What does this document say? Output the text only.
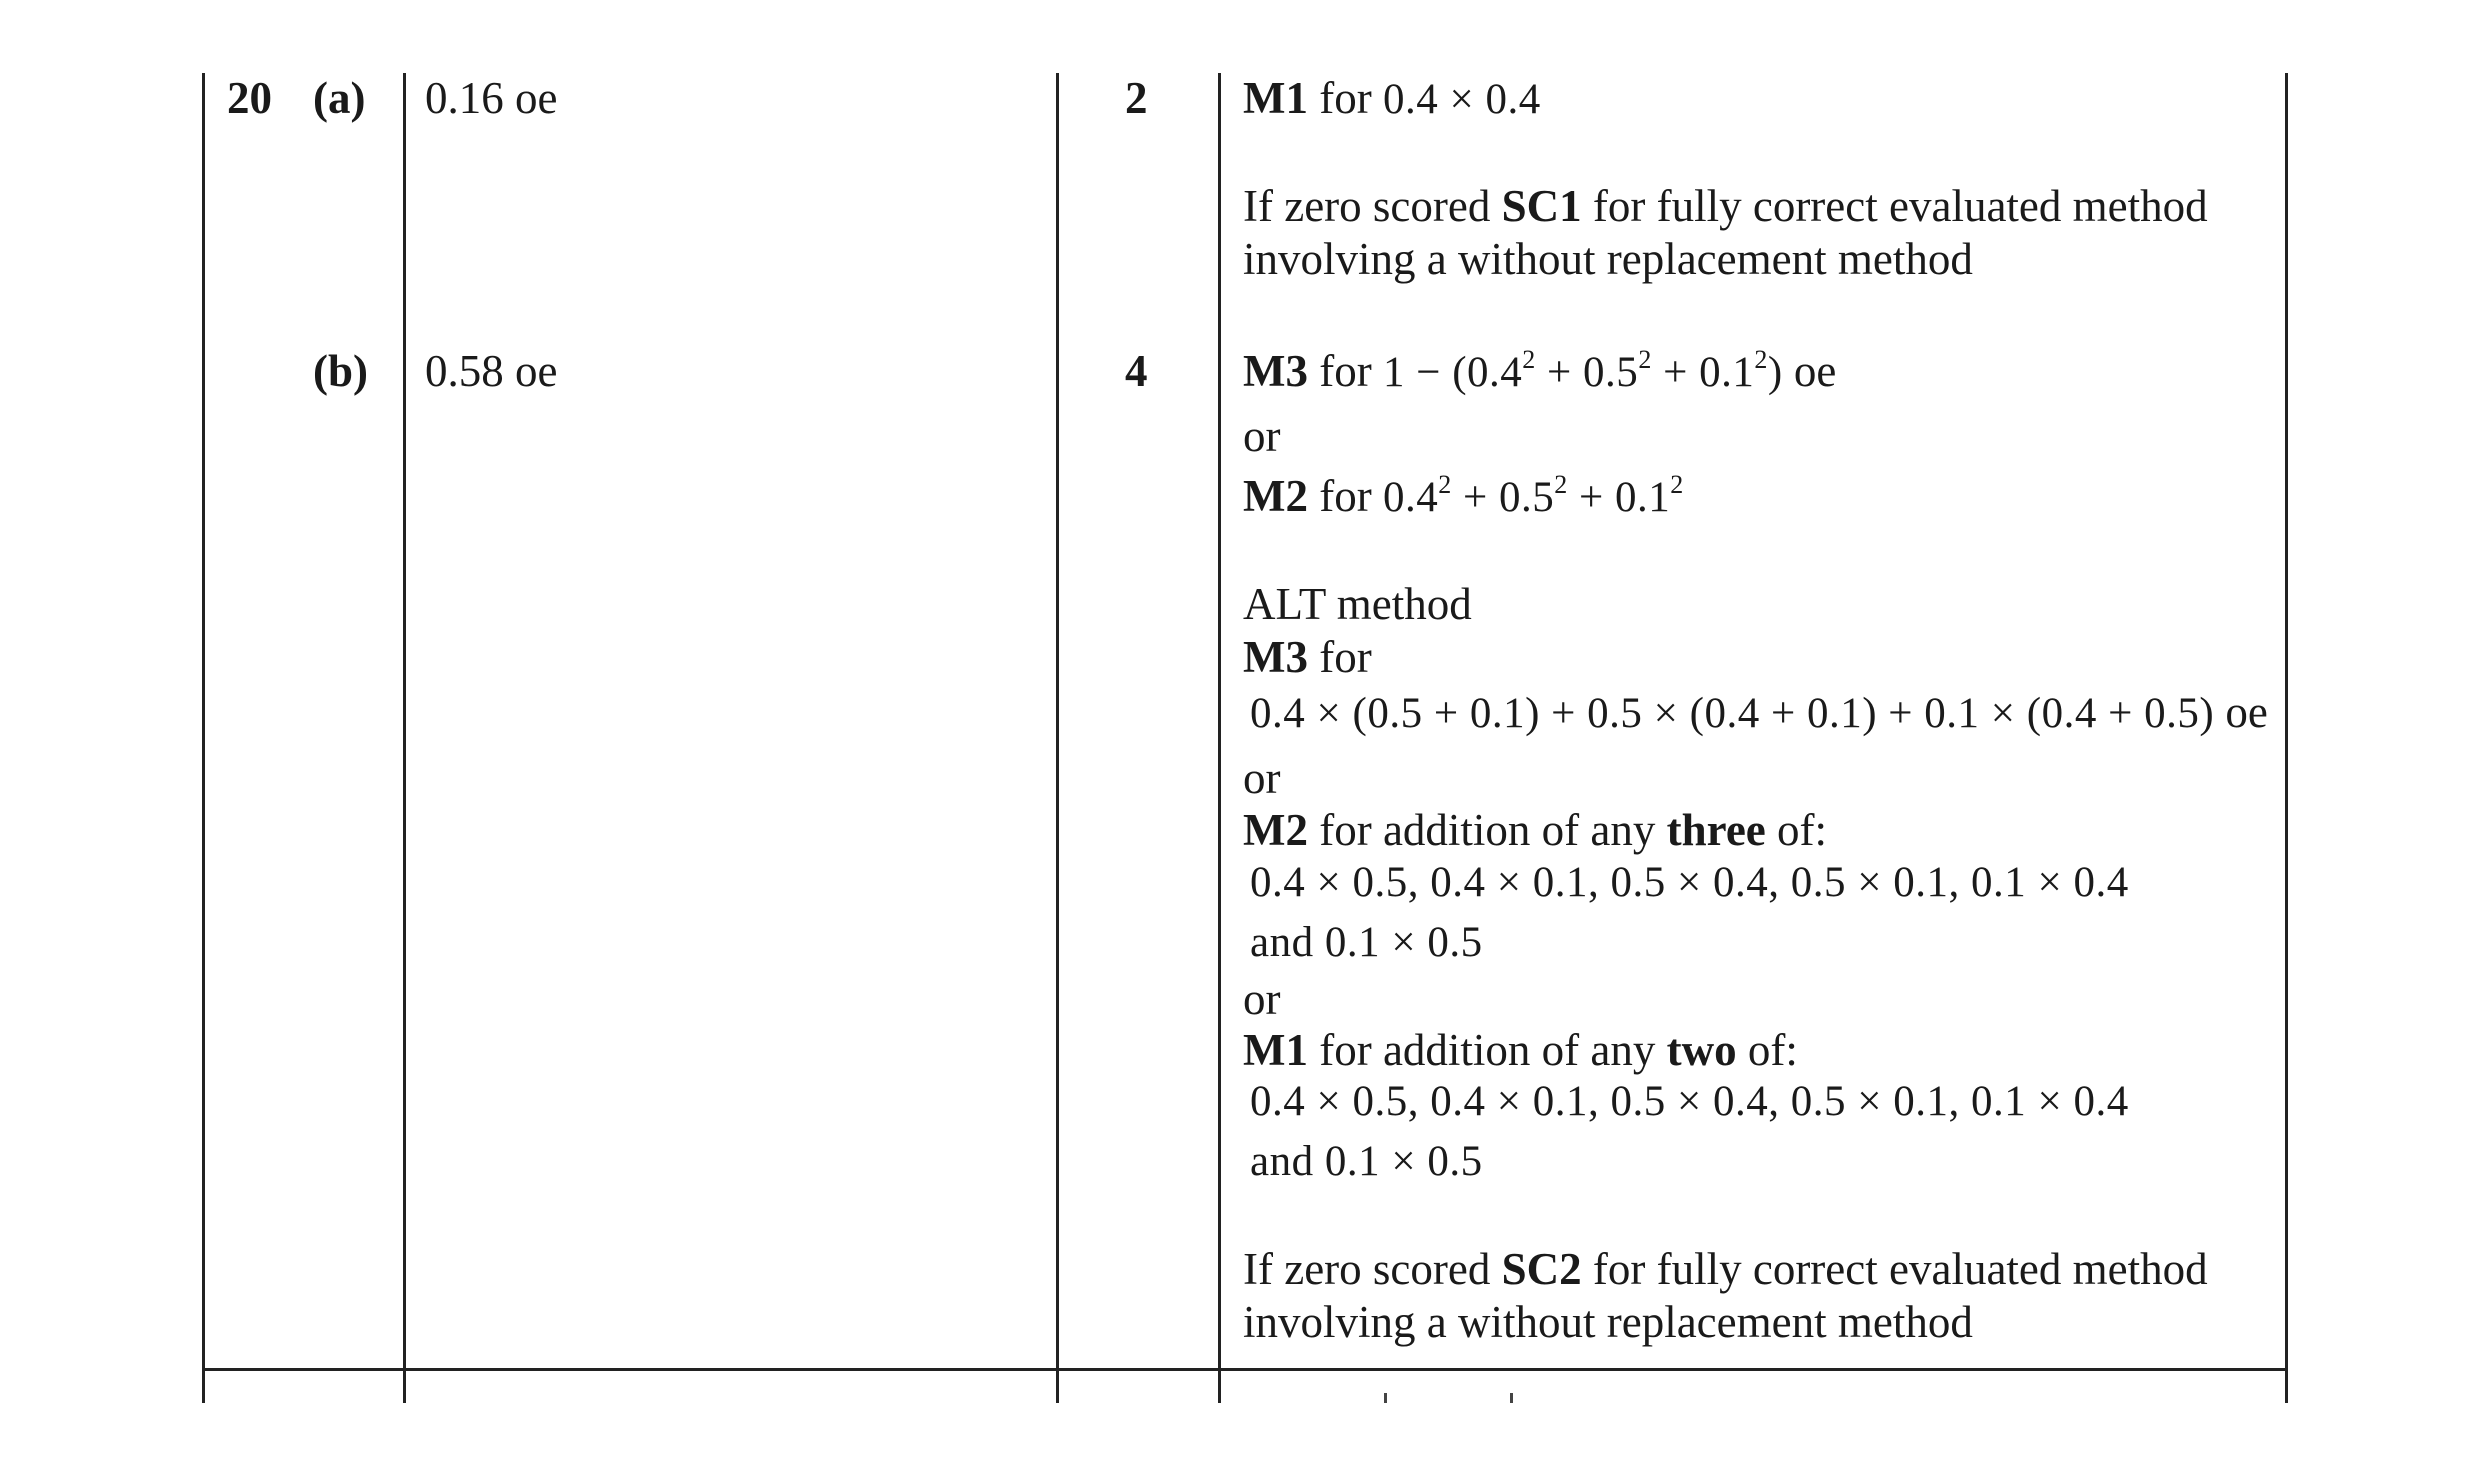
20 (a) 0.16 oe	2 M1 for 0.4 × 0.4
If zero scored SC1 for fully correct evaluated method
involving a without replacement method
(b) 0.58 oe	4 M3 for $1 - (0.4^2 + 0.5^2 + 0.1^2)$ oe
or
M2 for $0.4^2 + 0.5^2 + 0.1^2$
ALT method
M3 for
0.4 × (0.5 + 0.1) + 0.5 × (0.4 + 0.1) + 0.1 × (0.4 + 0.5) oe
or
M2 for addition of any three of:
0.4 × 0.5, 0.4 × 0.1, 0.5 × 0.4, 0.5 × 0.1, 0.1 × 0.4
and 0.1 × 0.5
or
M1 for addition of any two of:
0.4 × 0.5, 0.4 × 0.1, 0.5 × 0.4, 0.5 × 0.1, 0.1 × 0.4
and 0.1 × 0.5
If zero scored SC2 for fully correct evaluated method
involving a without replacement method
